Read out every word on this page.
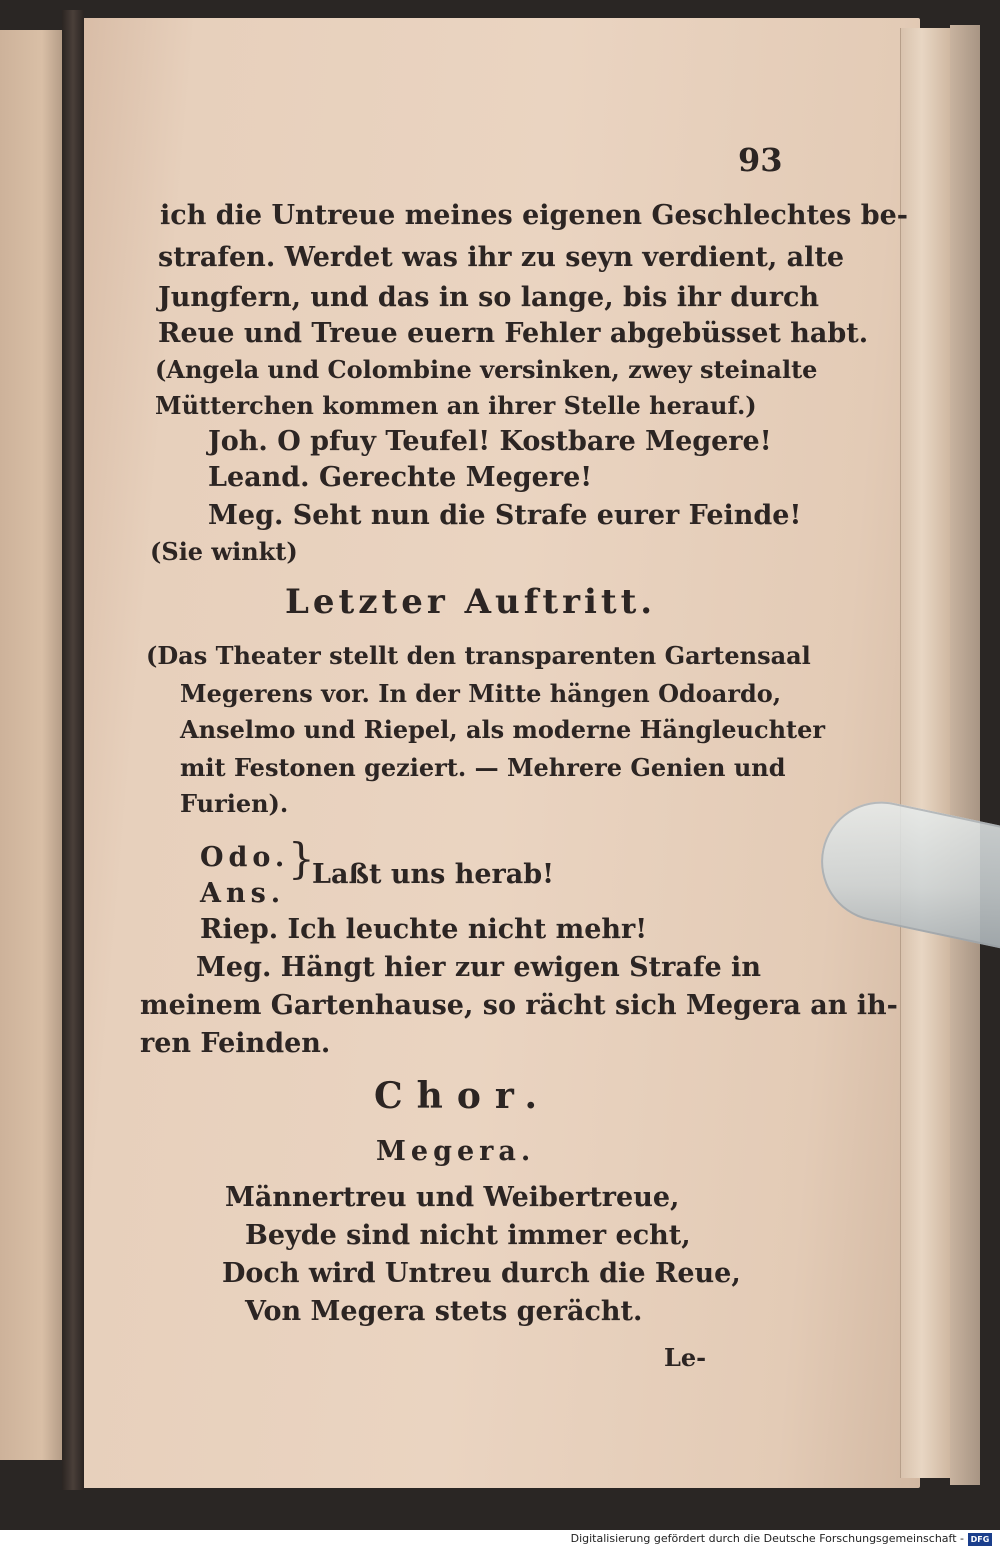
93
ich die Untreue meines eigenen Geschlechtes be-
strafen. Werdet was ihr zu seyn verdient, alte
Jungfern, und das in so lange, bis ihr durch
Reue und Treue euern Fehler abgebüsset habt.
(Angela und Colombine versinken, zwey steinalte
Mütterchen kommen an ihrer Stelle herauf.)
Joh. O pfuy Teufel! Kostbare Megere!
Leand. Gerechte Megere!
Meg. Seht nun die Strafe eurer Feinde!
(Sie winkt)
Letzter Auftritt.
(Das Theater stellt den transparenten Gartensaal
Megerens vor. In der Mitte hängen Odoardo,
Anselmo und Riepel, als moderne Hängleuchter
mit Festonen geziert. — Mehrere Genien und
Furien).
Odo.
Ans.
}
Laßt uns herab!
Riep. Ich leuchte nicht mehr!
Meg. Hängt hier zur ewigen Strafe in
meinem Gartenhause, so rächt sich Megera an ih-
ren Feinden.
Chor.
Megera.
Männertreu und Weibertreue,
Beyde sind nicht immer echt,
Doch wird Untreu durch die Reue,
Von Megera stets gerächt.
Le-
Digitalisierung gefördert durch die Deutsche Forschungsgemeinschaft - DFG
